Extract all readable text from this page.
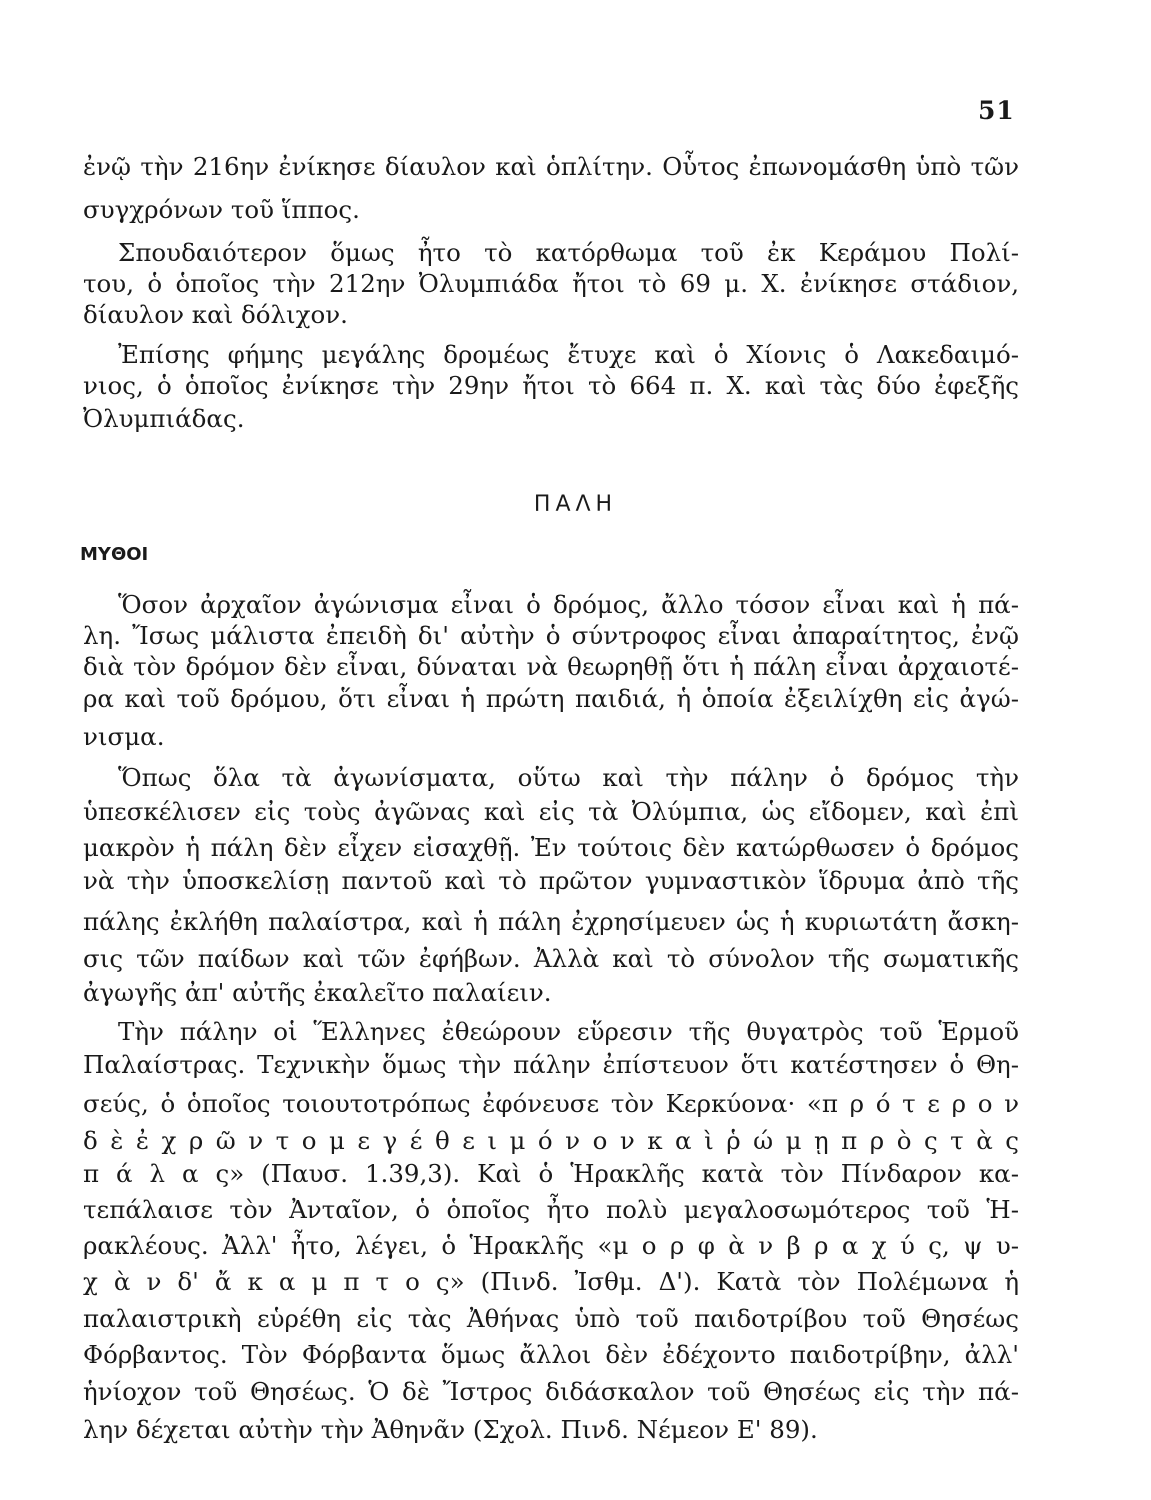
51
ἐνῷ τὴν 216ην ἐνίκησε δίαυλον καὶ ὁπλίτην. Οὗτος ἐπωνομάσθη ὑπὸ τῶν
συγχρόνων τοῦ ἵππος.
Σπουδαιότερον ὅμως ἦτο τὸ κατόρθωμα τοῦ ἐκ Κεράμου Πολί-
του, ὁ ὁποῖος τὴν 212ην Ὀλυμπιάδα ἤτοι τὸ 69 μ. Χ. ἐνίκησε στάδιον,
δίαυλον καὶ δόλιχον.
Ἐπίσης φήμης μεγάλης δρομέως ἔτυχε καὶ ὁ Χίονις ὁ Λακεδαιμό-
νιος, ὁ ὁποῖος ἐνίκησε τὴν 29ην ἤτοι τὸ 664 π. Χ. καὶ τὰς δύο ἐφεξῆς
Ὀλυμπιάδας.
ΠΑΛΗ
ΜΥΘΟΙ
Ὅσον ἀρχαῖον ἀγώνισμα εἶναι ὁ δρόμος, ἄλλο τόσον εἶναι καὶ ἡ πά-
λη. Ἴσως μάλιστα ἐπειδὴ δι' αὐτὴν ὁ σύντροφος εἶναι ἀπαραίτητος, ἐνῷ
διὰ τὸν δρόμον δὲν εἶναι, δύναται νὰ θεωρηθῇ ὅτι ἡ πάλη εἶναι ἀρχαιοτέ-
ρα καὶ τοῦ δρόμου, ὅτι εἶναι ἡ πρώτη παιδιά, ἡ ὁποία ἐξειλίχθη εἰς ἀγώ-
νισμα.
Ὅπως ὅλα τὰ ἀγωνίσματα, οὕτω καὶ τὴν πάλην ὁ δρόμος τὴν
ὑπεσκέλισεν εἰς τοὺς ἀγῶνας καὶ εἰς τὰ Ὀλύμπια, ὡς εἴδομεν, καὶ ἐπὶ
μακρὸν ἡ πάλη δὲν εἶχεν εἰσαχθῇ. Ἐν τούτοις δὲν κατώρθωσεν ὁ δρόμος
νὰ τὴν ὑποσκελίσῃ παντοῦ καὶ τὸ πρῶτον γυμναστικὸν ἵδρυμα ἀπὸ τῆς
πάλης ἐκλήθη παλαίστρα, καὶ ἡ πάλη ἐχρησίμευεν ὡς ἡ κυριωτάτη ἄσκη-
σις τῶν παίδων καὶ τῶν ἐφήβων. Ἀλλὰ καὶ τὸ σύνολον τῆς σωματικῆς
ἀγωγῆς ἀπ' αὐτῆς ἐκαλεῖτο παλαίειν.
Τὴν πάλην οἱ Ἕλληνες ἐθεώρουν εὕρεσιν τῆς θυγατρὸς τοῦ Ἑρμοῦ
Παλαίστρας. Τεχνικὴν ὅμως τὴν πάλην ἐπίστευον ὅτι κατέστησεν ὁ Θη-
σεύς, ὁ ὁποῖος τοιουτοτρόπως ἐφόνευσε τὸν Κερκύονα· «π ρ ό τ ε ρ ο ν
δ ὲ ἐ χ ρ ῶ ν τ ο μ ε γ έ θ ε ι μ ό ν ο ν κ α ὶ ῥ ώ μ ῃ π ρ ὸ ς τ ὰ ς
π ά λ α ς» (Παυσ. 1.39,3). Καὶ ὁ Ἡρακλῆς κατὰ τὸν Πίνδαρον κα-
τεπάλαισε τὸν Ἀνταῖον, ὁ ὁποῖος ἦτο πολὺ μεγαλοσωμότερος τοῦ Ἡ-
ρακλέους. Ἀλλ' ἦτο, λέγει, ὁ Ἡρακλῆς «μ ο ρ φ ὰ ν β ρ α χ ύ ς, ψ υ-
χ ὰ ν δ' ἄ κ α μ π τ ο ς» (Πινδ. Ἰσθμ. Δ'). Κατὰ τὸν Πολέμωνα ἡ
παλαιστρικὴ εὑρέθη εἰς τὰς Ἀθήνας ὑπὸ τοῦ παιδοτρίβου τοῦ Θησέως
Φόρβαντος. Τὸν Φόρβαντα ὅμως ἄλλοι δὲν ἐδέχοντο παιδοτρίβην, ἀλλ'
ἡνίοχον τοῦ Θησέως. Ὁ δὲ Ἴστρος διδάσκαλον τοῦ Θησέως εἰς τὴν πά-
λην δέχεται αὐτὴν τὴν Ἀθηνᾶν (Σχολ. Πινδ. Νέμεον Ε' 89).
